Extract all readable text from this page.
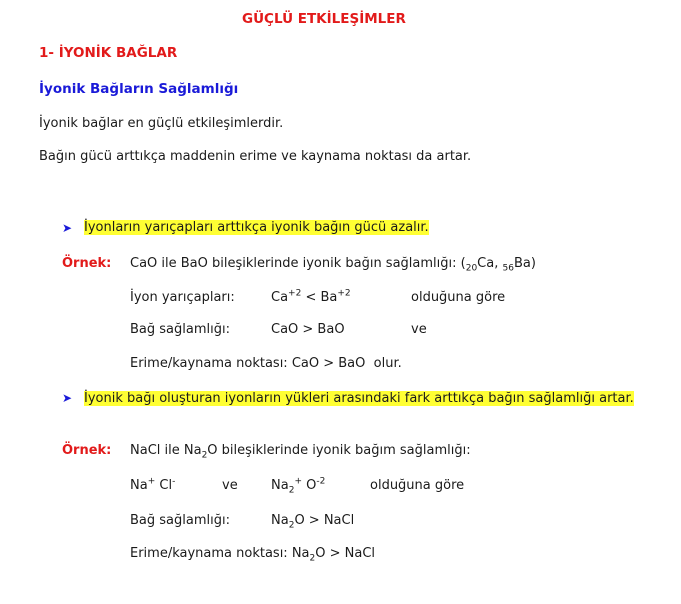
GÜÇLÜ ETKİLEŞİMLER
1- İYONİK BAĞLAR
İyonik Bağların Sağlamlığı
İyonik bağlar en güçlü etkileşimlerdir.
Bağın gücü arttıkça maddenin erime ve kaynama noktası da artar.
➤ İyonların yarıçapları arttıkça iyonik bağın gücü azalır.
Örnek: CaO ile BaO bileşiklerinde iyonik bağın sağlamlığı: ($_{20}Ca$, $_{56}$Ba)
İyon yarıçapları:	$Ca^{+2} < Ba^{+2}$	olduğuna göre
Bağ sağlamlığı:	CaO > BaO	ve
Erime/kaynama noktası: CaO > BaO  olur.
➤ İyonik bağı oluşturan iyonların yükleri arasındaki fark arttıkça bağın sağlamlığı artar.
Örnek: NaCl ile $Na_2O$ bileşiklerinde iyonik bağım sağlamlığı:
Na+ Cl-	ve	$Na_2^+$ $O^{-2}$	olduğuna göre
Bağ sağlamlığı:	$Na_2O$ > NaCl
Erime/kaynama noktası: $Na_2O$ > NaCl
